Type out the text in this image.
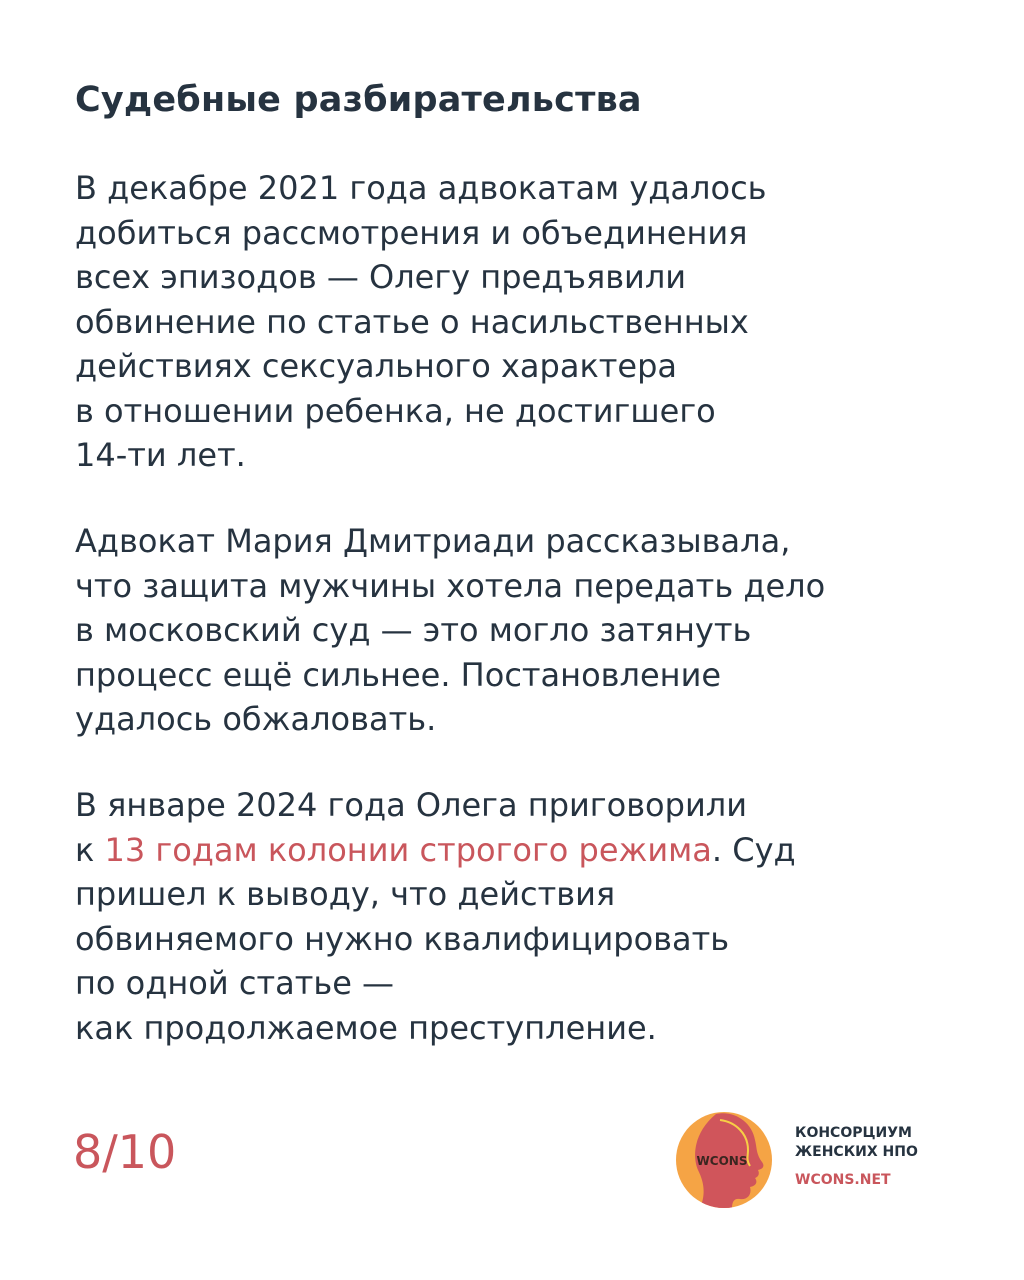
Судебные разбирательства

В декабре 2021 года адвокатам удалось
добиться рассмотрения и объединения
всех эпизодов — Олегу предъявили
обвинение по статье о насильственных
действиях сексуального характера
в отношении ребенка, не достигшего
14-ти лет.

Адвокат Мария Дмитриади рассказывала,
что защита мужчины хотела передать дело
в московский суд — это могло затянуть
процесс ещё сильнее. Постановление
удалось обжаловать.

В январе 2024 года Олега приговорили
к 13 годам колонии строгого режима. Суд
пришел к выводу, что действия
обвиняемого нужно квалифицировать
по одной статье —
как продолжаемое преступление.

8/10	WCONS
КОНСОРЦИУМ
ЖЕНСКИХ НПО
WCONS.NET
